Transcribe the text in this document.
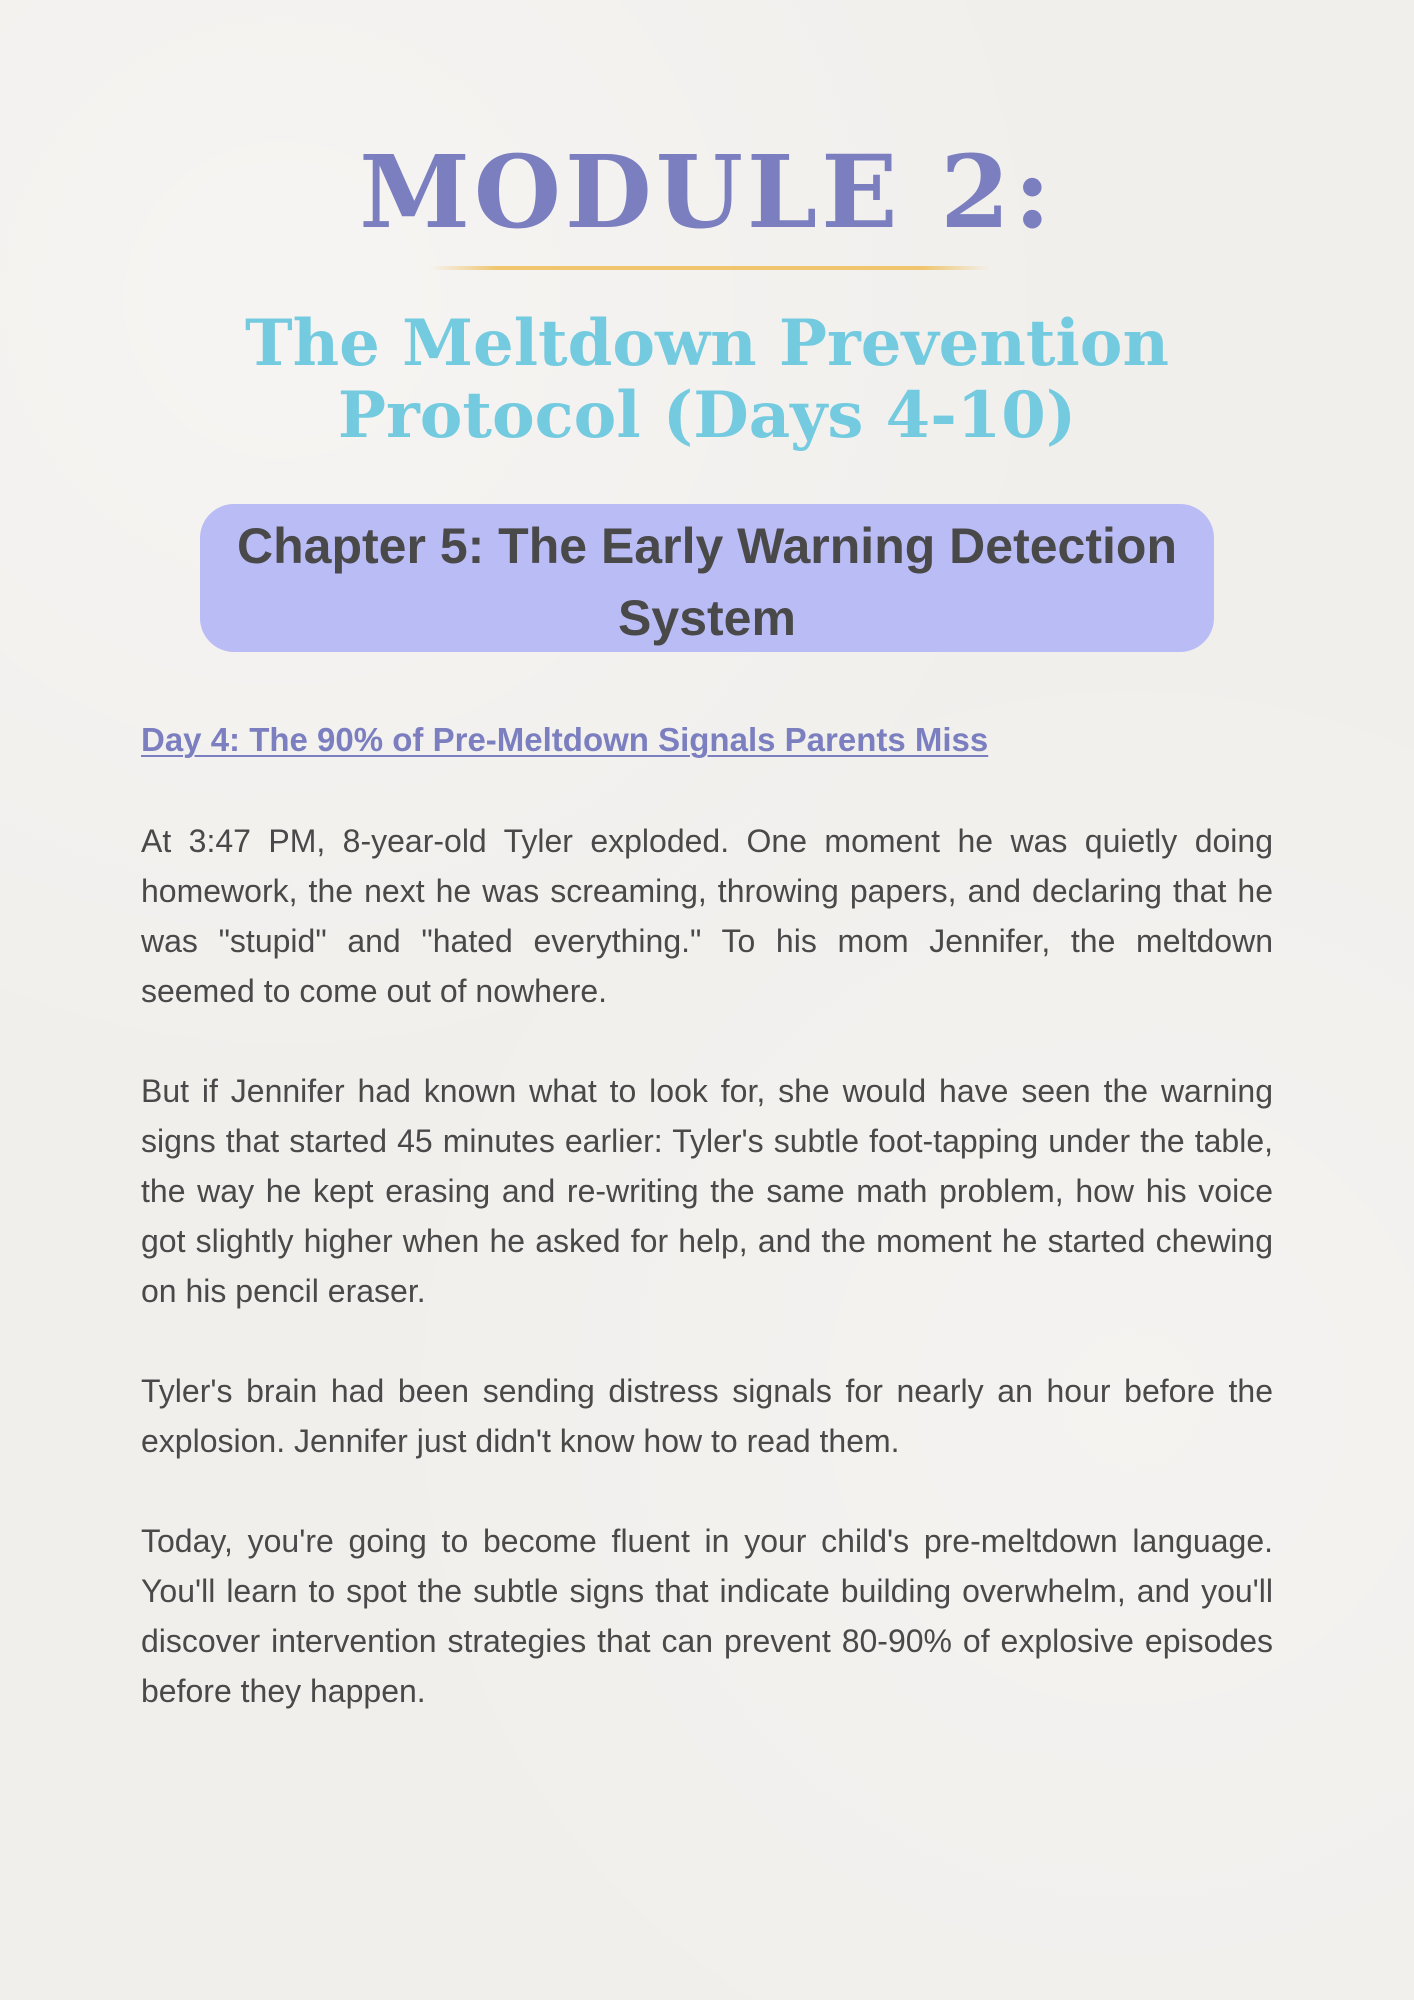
MODULE 2:
The Meltdown Prevention
Protocol (Days 4-10)
Chapter 5: The Early Warning Detection
System
Day 4: The 90% of Pre-Meltdown Signals Parents Miss

At 3:47 PM, 8-year-old Tyler exploded. One moment he was quietly doing homework, the next he was screaming, throwing papers, and declaring that he was "stupid" and "hated everything." To his mom Jennifer, the meltdown seemed to come out of nowhere.

But if Jennifer had known what to look for, she would have seen the warning signs that started 45 minutes earlier: Tyler's subtle foot-tapping under the table, the way he kept erasing and re-writing the same math problem, how his voice got slightly higher when he asked for help, and the moment he started chewing on his pencil eraser.

Tyler's brain had been sending distress signals for nearly an hour before the explosion. Jennifer just didn't know how to read them.

Today, you're going to become fluent in your child's pre-meltdown language. You'll learn to spot the subtle signs that indicate building overwhelm, and you'll discover intervention strategies that can prevent 80-90% of explosive episodes before they happen.
